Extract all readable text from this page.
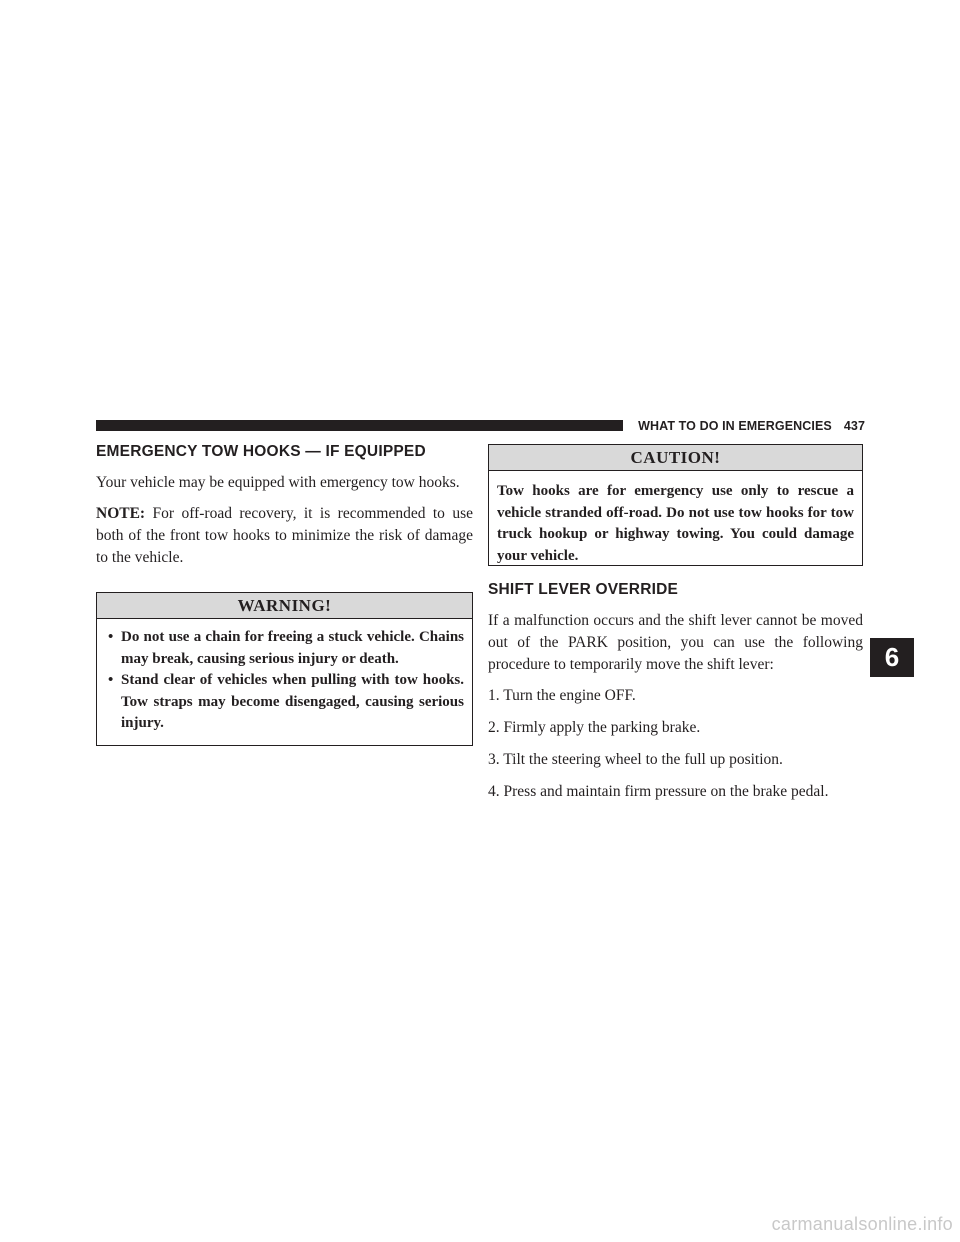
WHAT TO DO IN EMERGENCIES 437
EMERGENCY TOW HOOKS — IF EQUIPPED

Your vehicle may be equipped with emergency tow hooks.

NOTE: For off-road recovery, it is recommended to use both of the front tow hooks to minimize the risk of damage to the vehicle.

WARNING!
• Do not use a chain for freeing a stuck vehicle. Chains may break, causing serious injury or death.
• Stand clear of vehicles when pulling with tow hooks. Tow straps may become disengaged, causing serious injury.
CAUTION!
Tow hooks are for emergency use only to rescue a vehicle stranded off-road. Do not use tow hooks for tow truck hookup or highway towing. You could damage your vehicle.
SHIFT LEVER OVERRIDE

If a malfunction occurs and the shift lever cannot be moved out of the PARK position, you can use the following procedure to temporarily move the shift lever:

1. Turn the engine OFF.
2. Firmly apply the parking brake.
3. Tilt the steering wheel to the full up position.
4. Press and maintain firm pressure on the brake pedal.
6
carmanualsonline.info
